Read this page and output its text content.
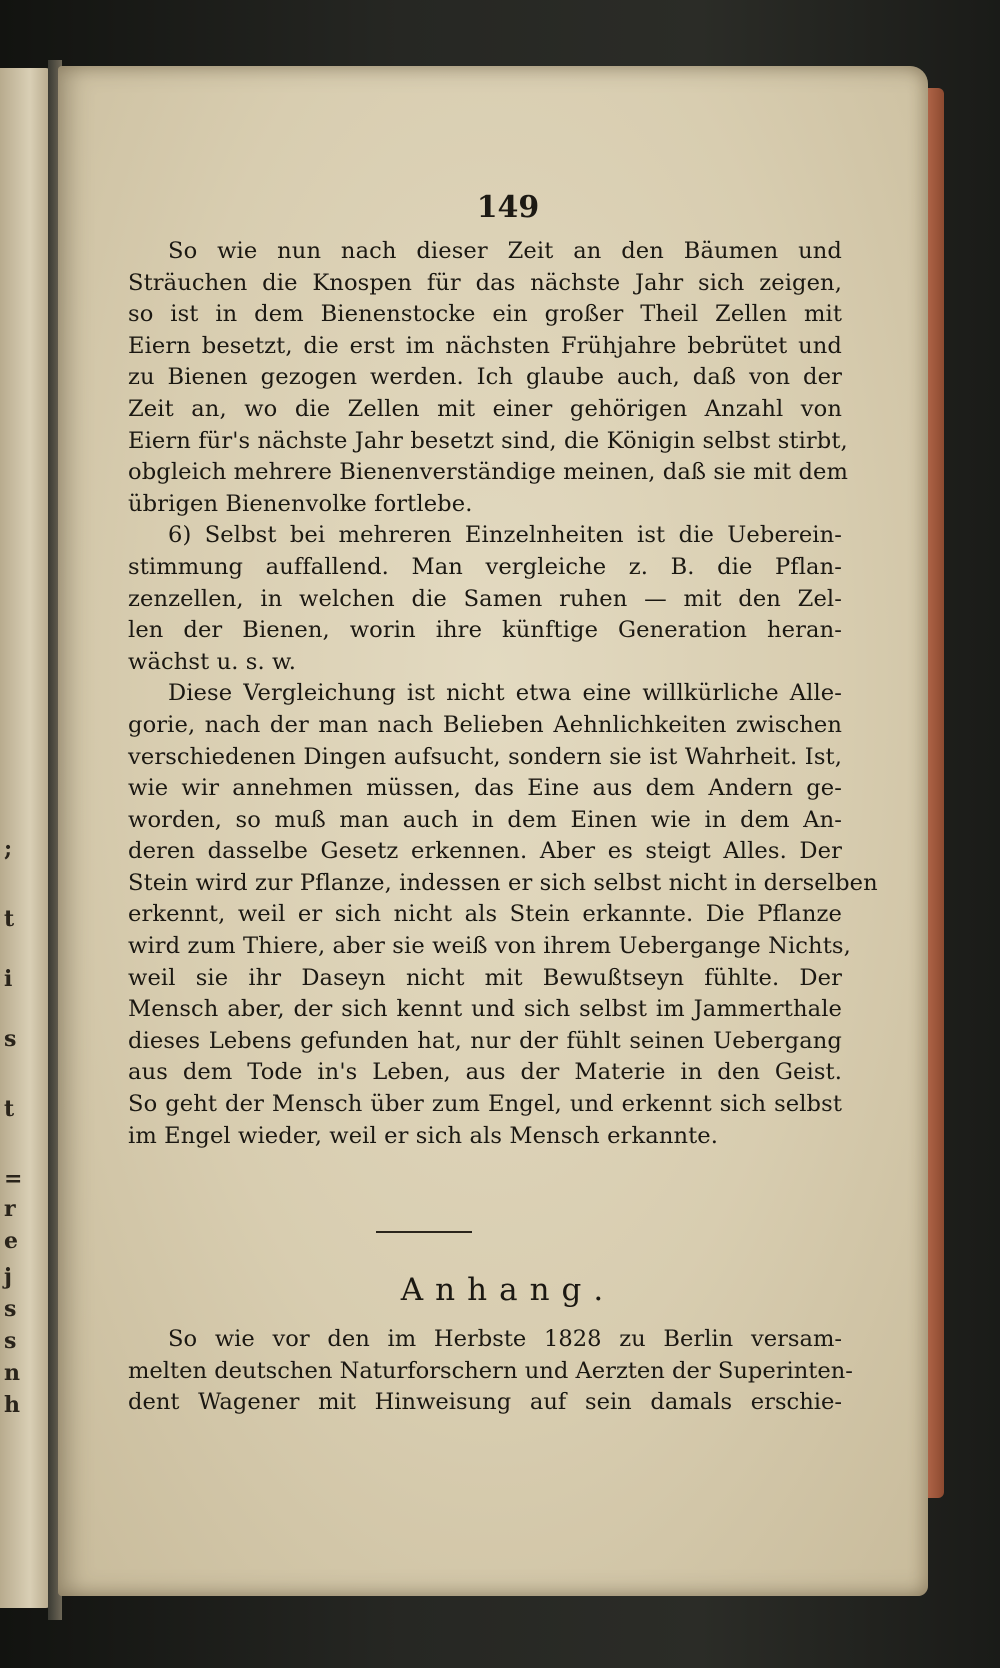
;
t
i
s
t
=
r
e
j
s
s
n
h
149
So wie nun nach dieser Zeit an den Bäumen und
Sträuchen die Knospen für das nächste Jahr sich zeigen,
so ist in dem Bienenstocke ein großer Theil Zellen mit
Eiern besetzt, die erst im nächsten Frühjahre bebrütet und
zu Bienen gezogen werden. Ich glaube auch, daß von der
Zeit an, wo die Zellen mit einer gehörigen Anzahl von
Eiern für's nächste Jahr besetzt sind, die Königin selbst stirbt,
obgleich mehrere Bienenverständige meinen, daß sie mit dem
übrigen Bienenvolke fortlebe.
6) Selbst bei mehreren Einzelnheiten ist die Ueberein-
stimmung auffallend. Man vergleiche z. B. die Pflan-
zenzellen, in welchen die Samen ruhen — mit den Zel-
len der Bienen, worin ihre künftige Generation heran-
wächst u. s. w.
Diese Vergleichung ist nicht etwa eine willkürliche Alle-
gorie, nach der man nach Belieben Aehnlichkeiten zwischen
verschiedenen Dingen aufsucht, sondern sie ist Wahrheit. Ist,
wie wir annehmen müssen, das Eine aus dem Andern ge-
worden, so muß man auch in dem Einen wie in dem An-
deren dasselbe Gesetz erkennen. Aber es steigt Alles. Der
Stein wird zur Pflanze, indessen er sich selbst nicht in derselben
erkennt, weil er sich nicht als Stein erkannte. Die Pflanze
wird zum Thiere, aber sie weiß von ihrem Uebergange Nichts,
weil sie ihr Daseyn nicht mit Bewußtseyn fühlte. Der
Mensch aber, der sich kennt und sich selbst im Jammerthale
dieses Lebens gefunden hat, nur der fühlt seinen Uebergang
aus dem Tode in's Leben, aus der Materie in den Geist.
So geht der Mensch über zum Engel, und erkennt sich selbst
im Engel wieder, weil er sich als Mensch erkannte.
Anhang.
So wie vor den im Herbste 1828 zu Berlin versam-
melten deutschen Naturforschern und Aerzten der Superinten-
dent Wagener mit Hinweisung auf sein damals erschie-
